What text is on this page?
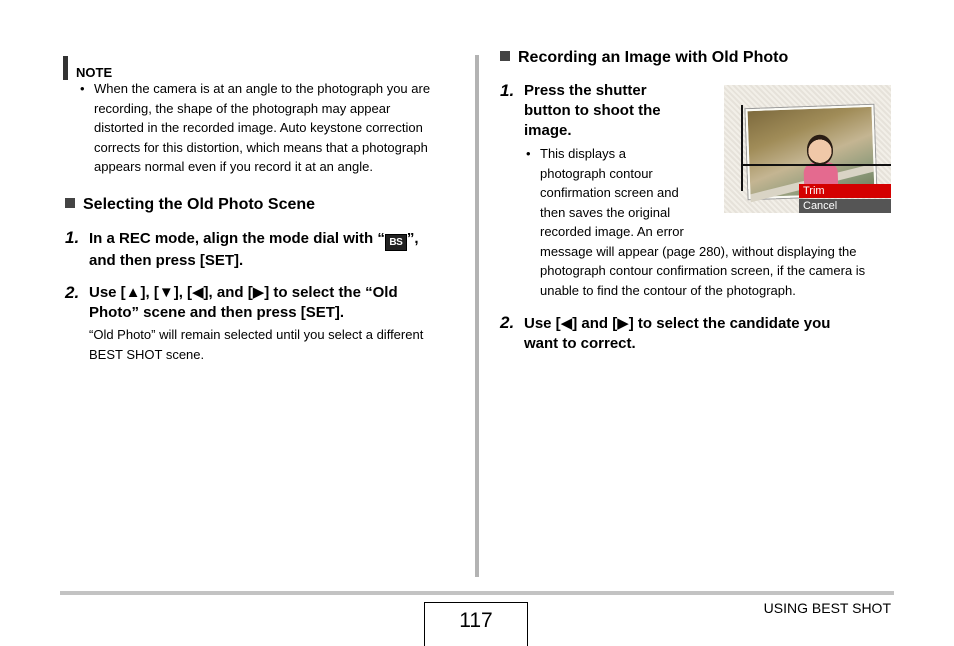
NOTE
• When the camera is at an angle to the photograph you are
recording, the shape of the photograph may appear
distorted in the recorded image. Auto keystone correction
corrects for this distortion, which means that a photograph
appears normal even if you record it at an angle.
Selecting the Old Photo Scene
1. In a REC mode, align the mode dial with “ BS ”,
and then press [SET].
2. Use [▲], [▼], [◀], and [▶] to select the “Old
Photo” scene and then press [SET].
“Old Photo” will remain selected until you select a different
BEST SHOT scene.
Recording an Image with Old Photo
1. Press the shutter
button to shoot the
image.
• This displays a
photograph contour
confirmation screen and
then saves the original
recorded image. An error
message will appear (page 280), without displaying the
photograph contour confirmation screen, if the camera is
unable to find the contour of the photograph.
Trim
Cancel
2. Use [◀] and [▶] to select the candidate you
want to correct.
117
USING BEST SHOT
